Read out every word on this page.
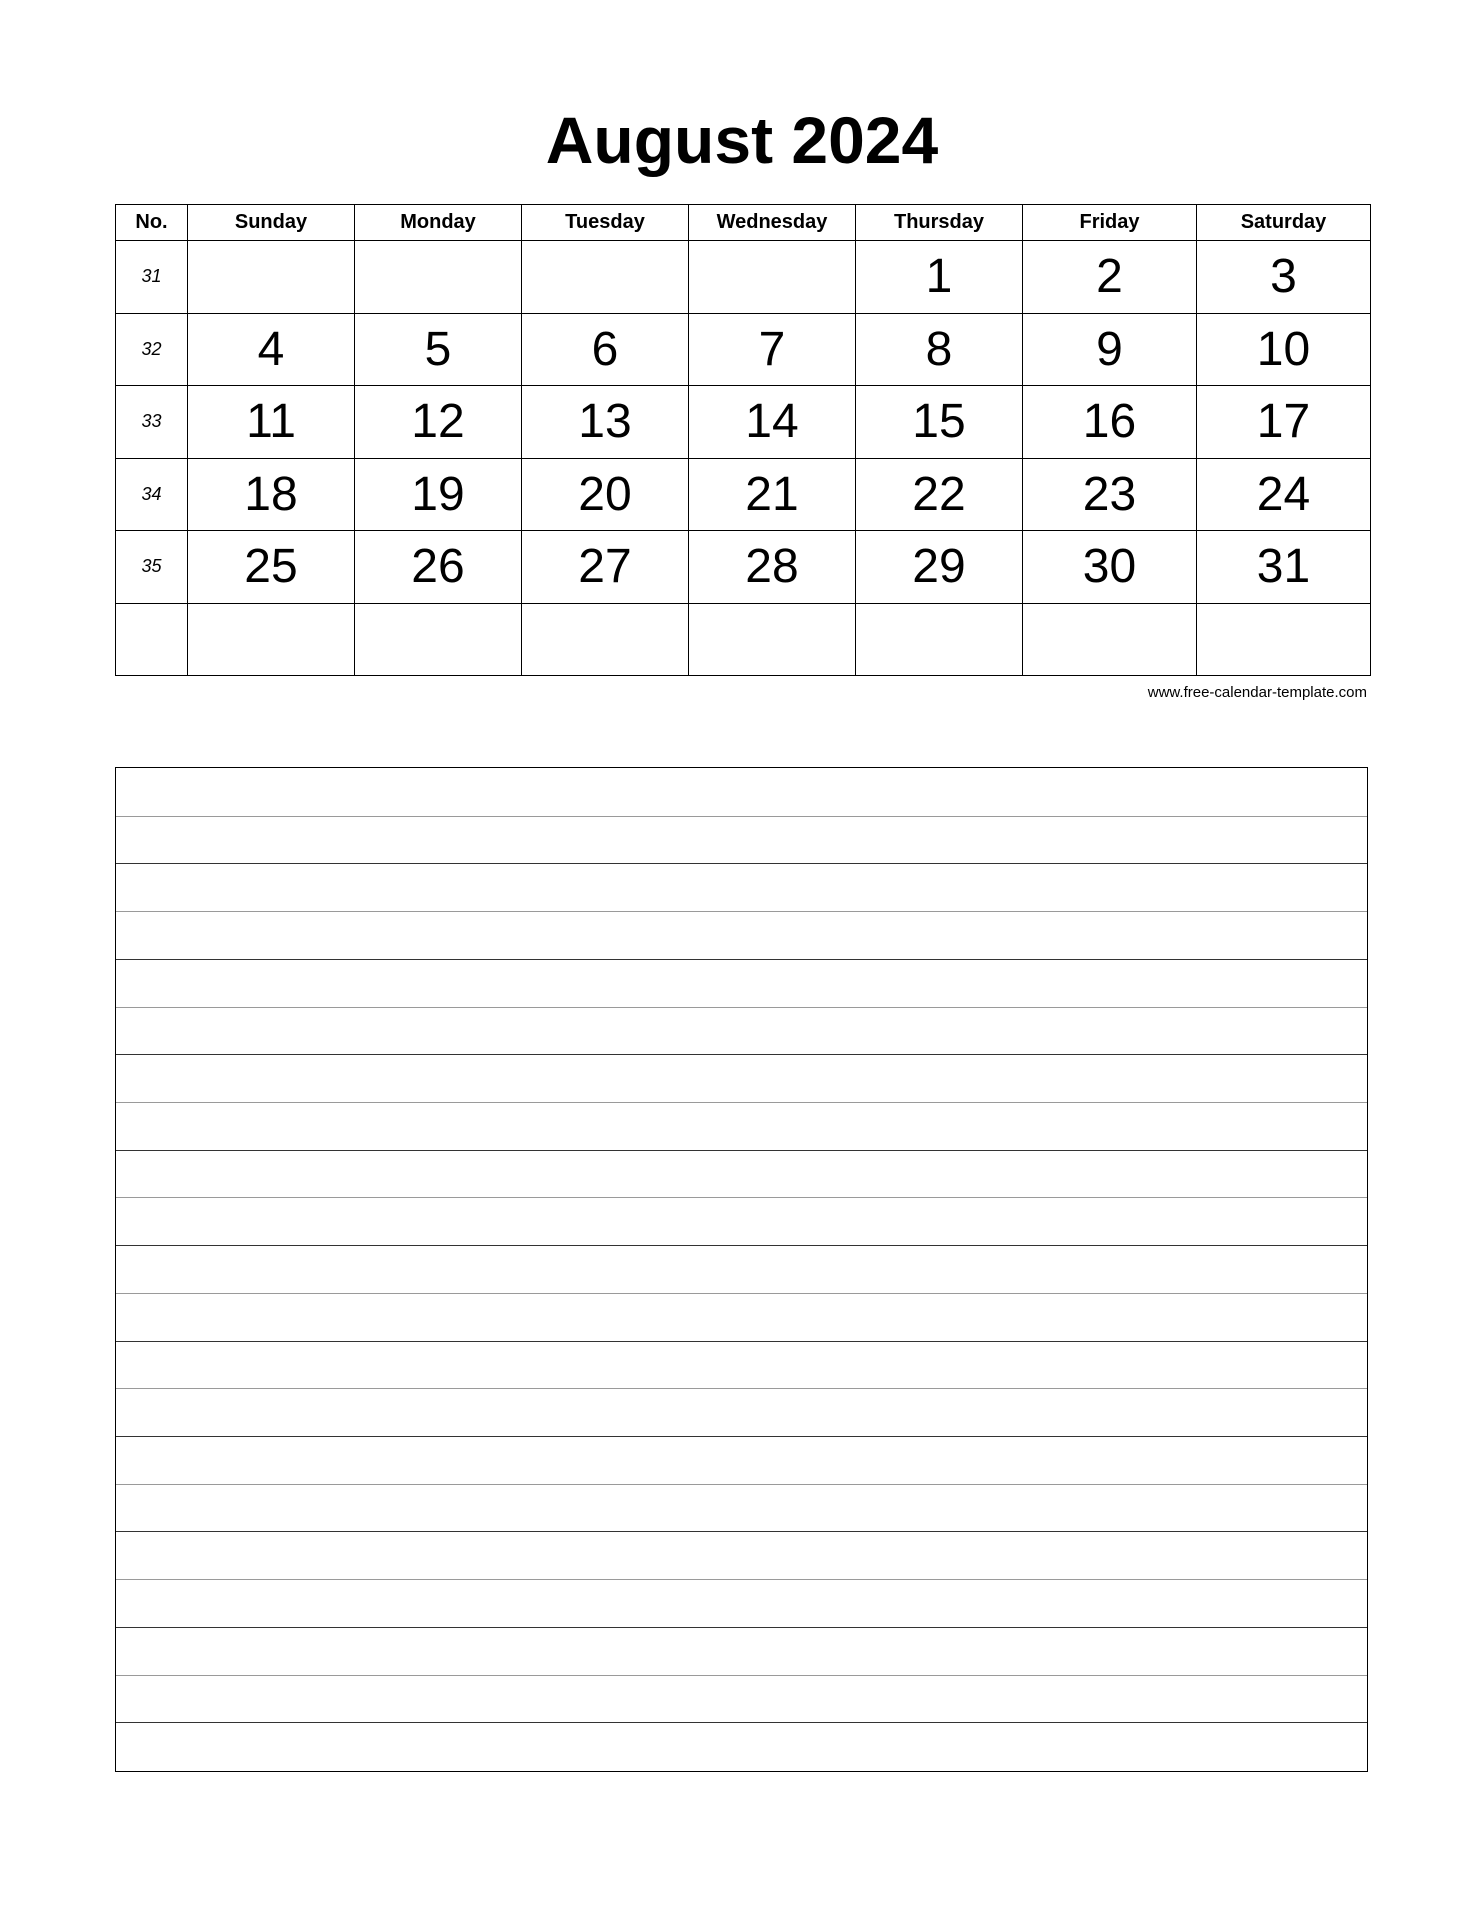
August 2024
No.	Sunday	Monday	Tuesday	Wednesday	Thursday	Friday	Saturday
31					1	2	3
32	4	5	6	7	8	9	10
33	11	12	13	14	15	16	17
34	18	19	20	21	22	23	24
35	25	26	27	28	29	30	31

www.free-calendar-template.com
